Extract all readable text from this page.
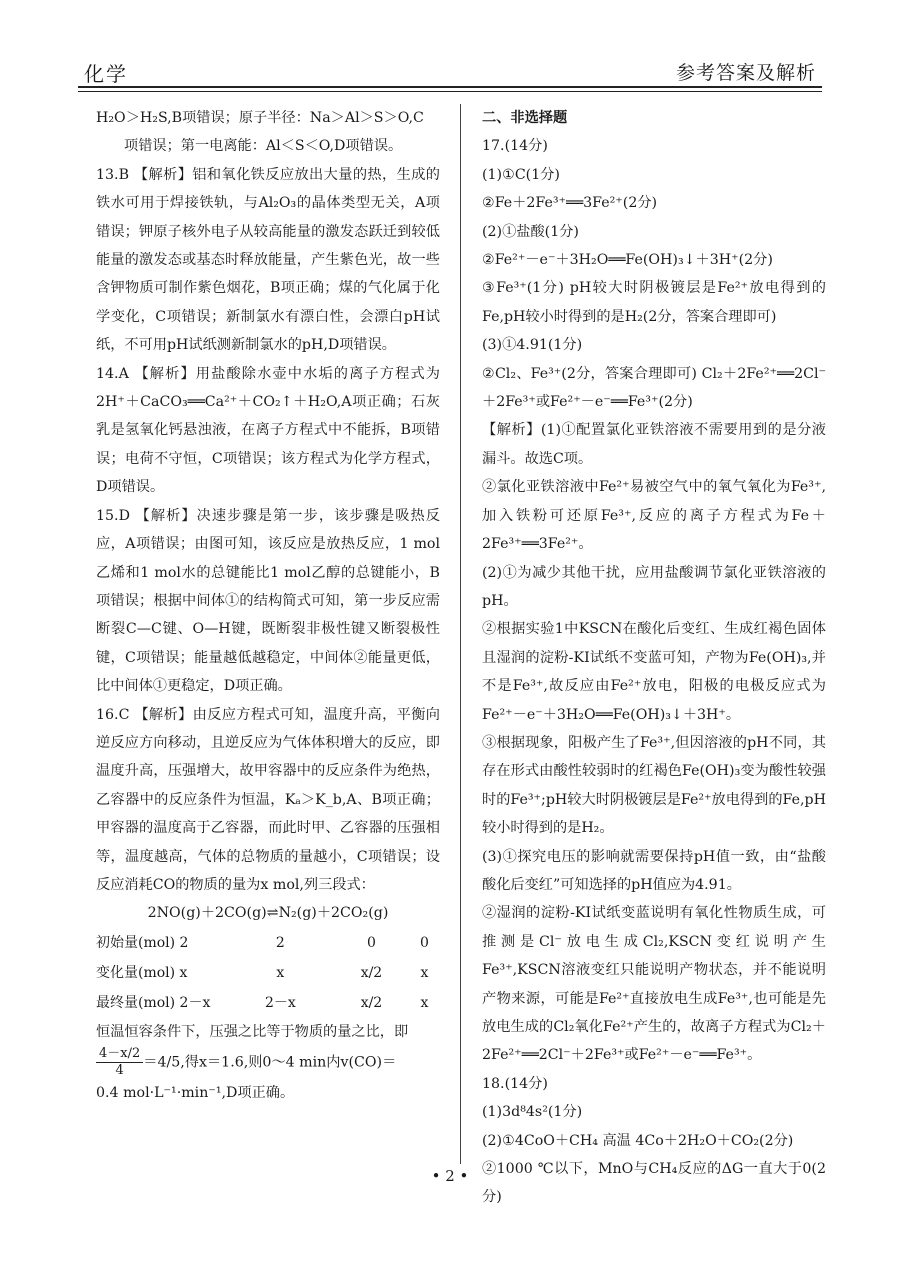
化学	参考答案及解析

H₂O＞H₂S,B项错误；原子半径：Na＞Al＞S＞O,C

项错误；第一电离能：Al＜S＜O,D项错误。

13.B 【解析】铝和氧化铁反应放出大量的热，生成的铁水可用于焊接铁轨，与Al₂O₃的晶体类型无关，A项错误；钾原子核外电子从较高能量的激发态跃迁到较低能量的激发态或基态时释放能量，产生紫色光，故一些含钾物质可制作紫色烟花，B项正确；煤的气化属于化学变化，C项错误；新制氯水有漂白性，会漂白pH试纸，不可用pH试纸测新制氯水的pH,D项错误。

14.A 【解析】用盐酸除水壶中水垢的离子方程式为2H⁺＋CaCO₃══Ca²⁺＋CO₂↑＋H₂O,A项正确；石灰乳是氢氧化钙悬浊液，在离子方程式中不能拆，B项错误；电荷不守恒，C项错误；该方程式为化学方程式，D项错误。

15.D 【解析】决速步骤是第一步，该步骤是吸热反应，A项错误；由图可知，该反应是放热反应，1 mol乙烯和1 mol水的总键能比1 mol乙醇的总键能小，B项错误；根据中间体①的结构简式可知，第一步反应需断裂C—C键、O—H键，既断裂非极性键又断裂极性键，C项错误；能量越低越稳定，中间体②能量更低，比中间体①更稳定，D项正确。

16.C 【解析】由反应方程式可知，温度升高，平衡向逆反应方向移动，且逆反应为气体体积增大的反应，即温度升高，压强增大，故甲容器中的反应条件为绝热，乙容器中的反应条件为恒温，Kₐ＞K_b,A、B项正确；甲容器的温度高于乙容器，而此时甲、乙容器的压强相等，温度越高，气体的总物质的量越小，C项错误；设反应消耗CO的物质的量为x mol,列三段式：

2NO(g)＋2CO(g)⇌N₂(g)＋2CO₂(g)

初始量(mol) 2	2	0	0
变化量(mol) x	x	x/2	x
最终量(mol) 2－x	2－x	x/2	x

恒温恒容条件下，压强之比等于物质的量之比，即

$\frac{4-x/2}{4} =4/5$,得x＝1.6,则0～4 min内v(CO)＝

0.4 mol·L⁻¹·min⁻¹,D项正确。

二、非选择题

17.(14分)

(1)①C(1分)

②Fe＋2Fe³⁺══3Fe²⁺(2分)

(2)①盐酸(1分)

②Fe²⁺－e⁻＋3H₂O══Fe(OH)₃↓＋3H⁺(2分)

③Fe³⁺(1分) pH较大时阴极镀层是Fe²⁺放电得到的Fe,pH较小时得到的是H₂(2分，答案合理即可)

(3)①4.91(1分)

②Cl₂、Fe³⁺(2分，答案合理即可) Cl₂＋2Fe²⁺══2Cl⁻＋2Fe³⁺或Fe²⁺－e⁻══Fe³⁺(2分)

【解析】(1)①配置氯化亚铁溶液不需要用到的是分液漏斗。故选C项。

②氯化亚铁溶液中Fe²⁺易被空气中的氧气氧化为Fe³⁺,加入铁粉可还原Fe³⁺,反应的离子方程式为Fe＋2Fe³⁺══3Fe²⁺。

(2)①为减少其他干扰，应用盐酸调节氯化亚铁溶液的pH。

②根据实验1中KSCN在酸化后变红、生成红褐色固体且湿润的淀粉-KI试纸不变蓝可知，产物为Fe(OH)₃,并不是Fe³⁺,故反应由Fe²⁺放电，阳极的电极反应式为Fe²⁺－e⁻＋3H₂O══Fe(OH)₃↓＋3H⁺。

③根据现象，阳极产生了Fe³⁺,但因溶液的pH不同，其存在形式由酸性较弱时的红褐色Fe(OH)₃变为酸性较强时的Fe³⁺;pH较大时阴极镀层是Fe²⁺放电得到的Fe,pH较小时得到的是H₂。

(3)①探究电压的影响就需要保持pH值一致，由“盐酸酸化后变红”可知选择的pH值应为4.91。

②湿润的淀粉-KI试纸变蓝说明有氧化性物质生成，可推测是Cl⁻放电生成Cl₂,KSCN变红说明产生Fe³⁺,KSCN溶液变红只能说明产物状态，并不能说明产物来源，可能是Fe²⁺直接放电生成Fe³⁺,也可能是先放电生成的Cl₂氧化Fe²⁺产生的，故离子方程式为Cl₂＋2Fe²⁺══2Cl⁻＋2Fe³⁺或Fe²⁺－e⁻══Fe³⁺。

18.(14分)

(1)3d⁸4s²(1分)

(2)①4CoO＋CH₄ 高温 4Co＋2H₂O＋CO₂(2分)

②1000 ℃以下，MnO与CH₄反应的ΔG一直大于0(2分)

• 2 •
